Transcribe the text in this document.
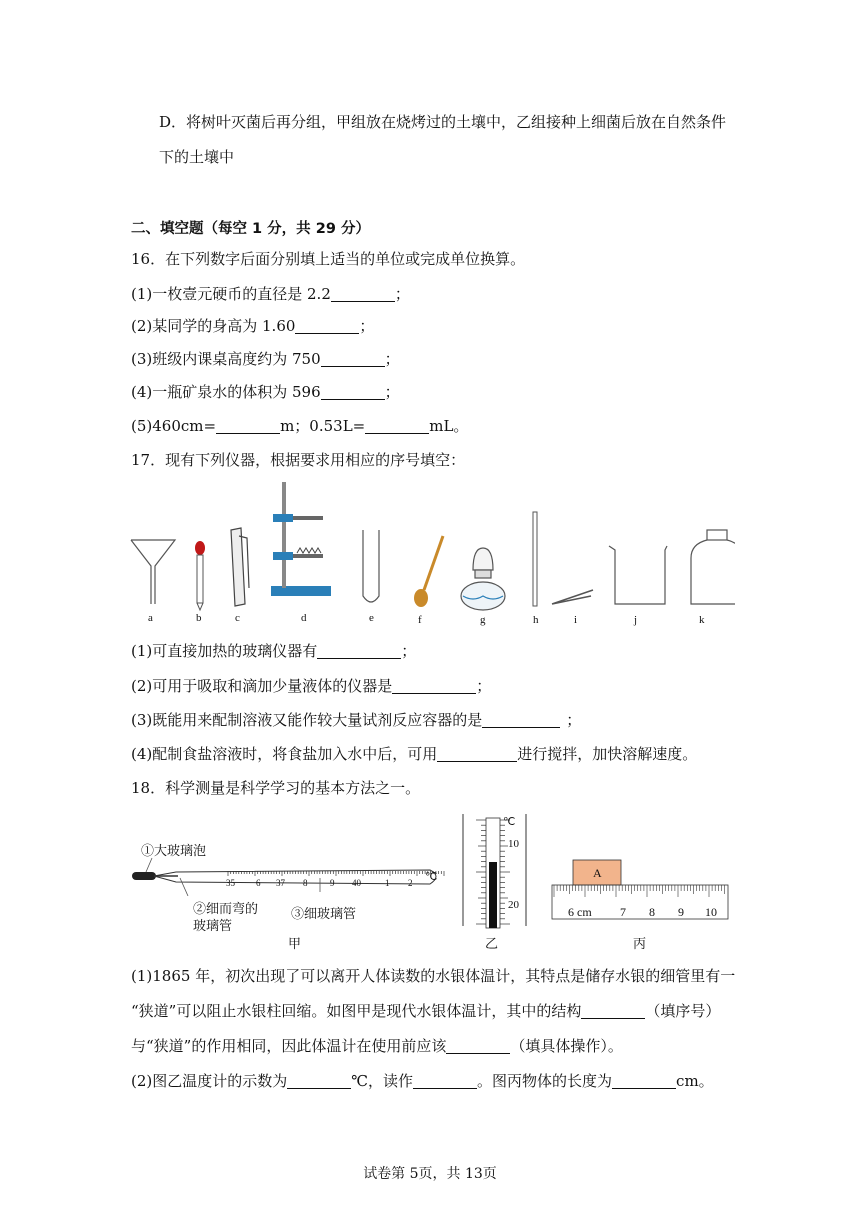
D．将树叶灭菌后再分组，甲组放在烧烤过的土壤中，乙组接种上细菌后放在自然条件
下的土壤中
二、填空题（每空 1 分，共 29 分）
16．在下列数字后面分别填上适当的单位或完成单位换算。
(1)一枚壹元硬币的直径是 2.2	；
(2)某同学的身高为 1.60	；
(3)班级内课桌高度约为 750	；
(4)一瓶矿泉水的体积为 596	；
(5)460cm=	m；0.53L=	mL。
17．现有下列仪器，根据要求用相应的序号填空：
a	b	c	d	e	f	g	h	i	j	k
(1)可直接加热的玻璃仪器有	；
(2)可用于吸取和滴加少量液体的仪器是	；
(3)既能用来配制溶液又能作较大量试剂反应容器的是	；
(4)配制食盐溶液时，将食盐加入水中后，可用	进行搅拌，加快溶解速度。
18．科学测量是科学学习的基本方法之一。
①大玻璃泡
②细而弯的
玻璃管
③细玻璃管
35 6 37 8	9 40	1 2 ℃
甲
℃
10
20
乙
A
6 cm 7 8 9 10
丙
(1)1865 年，初次出现了可以离开人体读数的水银体温计，其特点是储存水银的细管里有一
“狭道”可以阻止水银柱回缩。如图甲是现代水银体温计，其中的结构	（填序号）
与“狭道”的作用相同，因此体温计在使用前应该	（填具体操作）。
(2)图乙温度计的示数为	℃，读作	。图丙物体的长度为	cm。
试卷第 5页，共 13页
